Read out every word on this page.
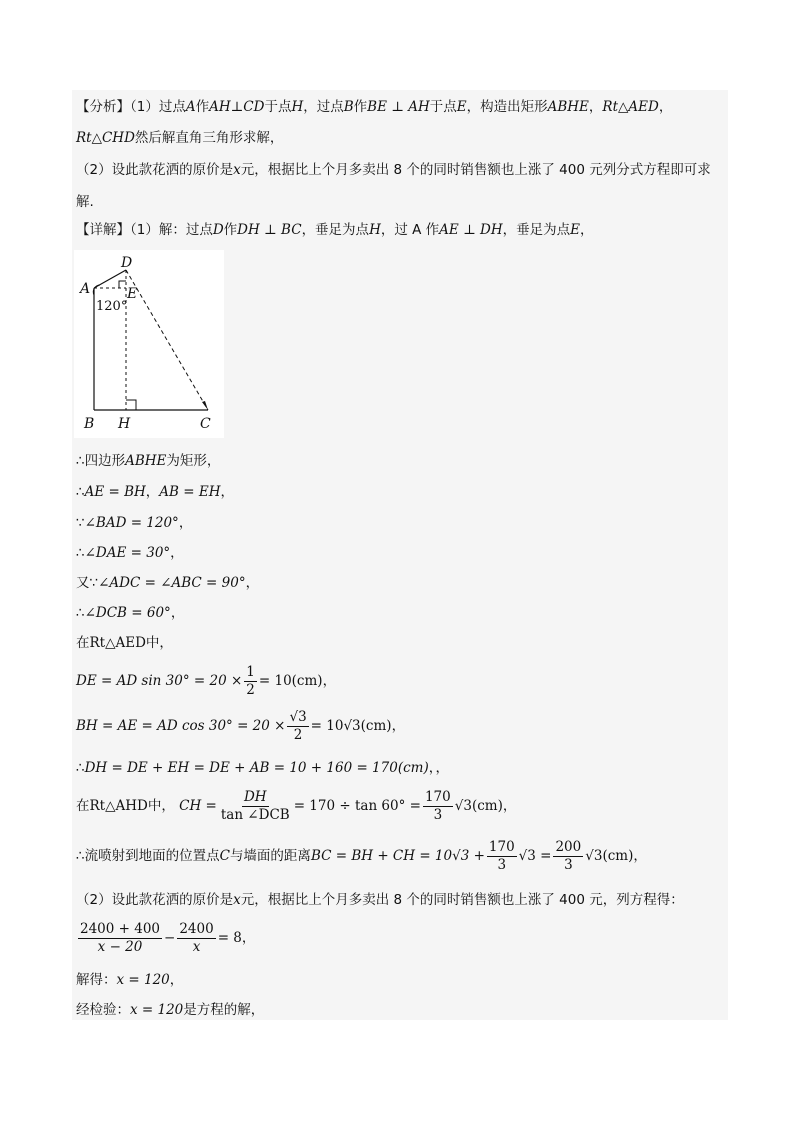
【分析】（1）过点A作AH⊥CD于点H，过点B作BE ⊥ AH于点E，构造出矩形ABHE，Rt△AED，
Rt△CHD然后解直角三角形求解，
（2）设此款花洒的原价是x元，根据比上个月多卖出 8 个的同时销售额也上涨了 400 元列分式方程即可求
解.
【详解】（1）解：过点D作DH ⊥ BC，垂足为点H，过 A 作AE ⊥ DH，垂足为点E，
D
A	E
120°
B H	C
∴四边形ABHE为矩形，
∴AE = BH，AB = EH，
∵∠BAD = 120°，
∴∠DAE = 30°，
又∵∠ADC = ∠ABC = 90°，
∴∠DCB = 60°，
在Rt△AED中，
DE = AD $\sin 30^\circ = 20 \times \frac{1}{2} = 10(cm)$，
BH = AE = AD $\cos 30^\circ = 20 \times \frac{√3}{2} = 10√3(cm)$，
∴DH = DE + EH = DE + AB = 10 + 160 = 170(cm)，，
在Rt△AHD中， CH = $\frac{DH}{\text{tan ∠DCB}} = 170 \div \tan 60^\circ = \frac{170}{3} √3(cm)$，
∴流喷射到地面的位置点C与墙面的距离BC = BH + CH = $10√3 + \frac{170}{3} √3 = \frac{200}{3} √3(cm)$，
（2）设此款花洒的原价是x元，根据比上个月多卖出 8 个的同时销售额也上涨了 400 元，列方程得：
$\frac{2400 + 400}{x - 20} - \frac{2400}{x} = 8$，
解得：x = 120，
经检验：x = 120是方程的解，
